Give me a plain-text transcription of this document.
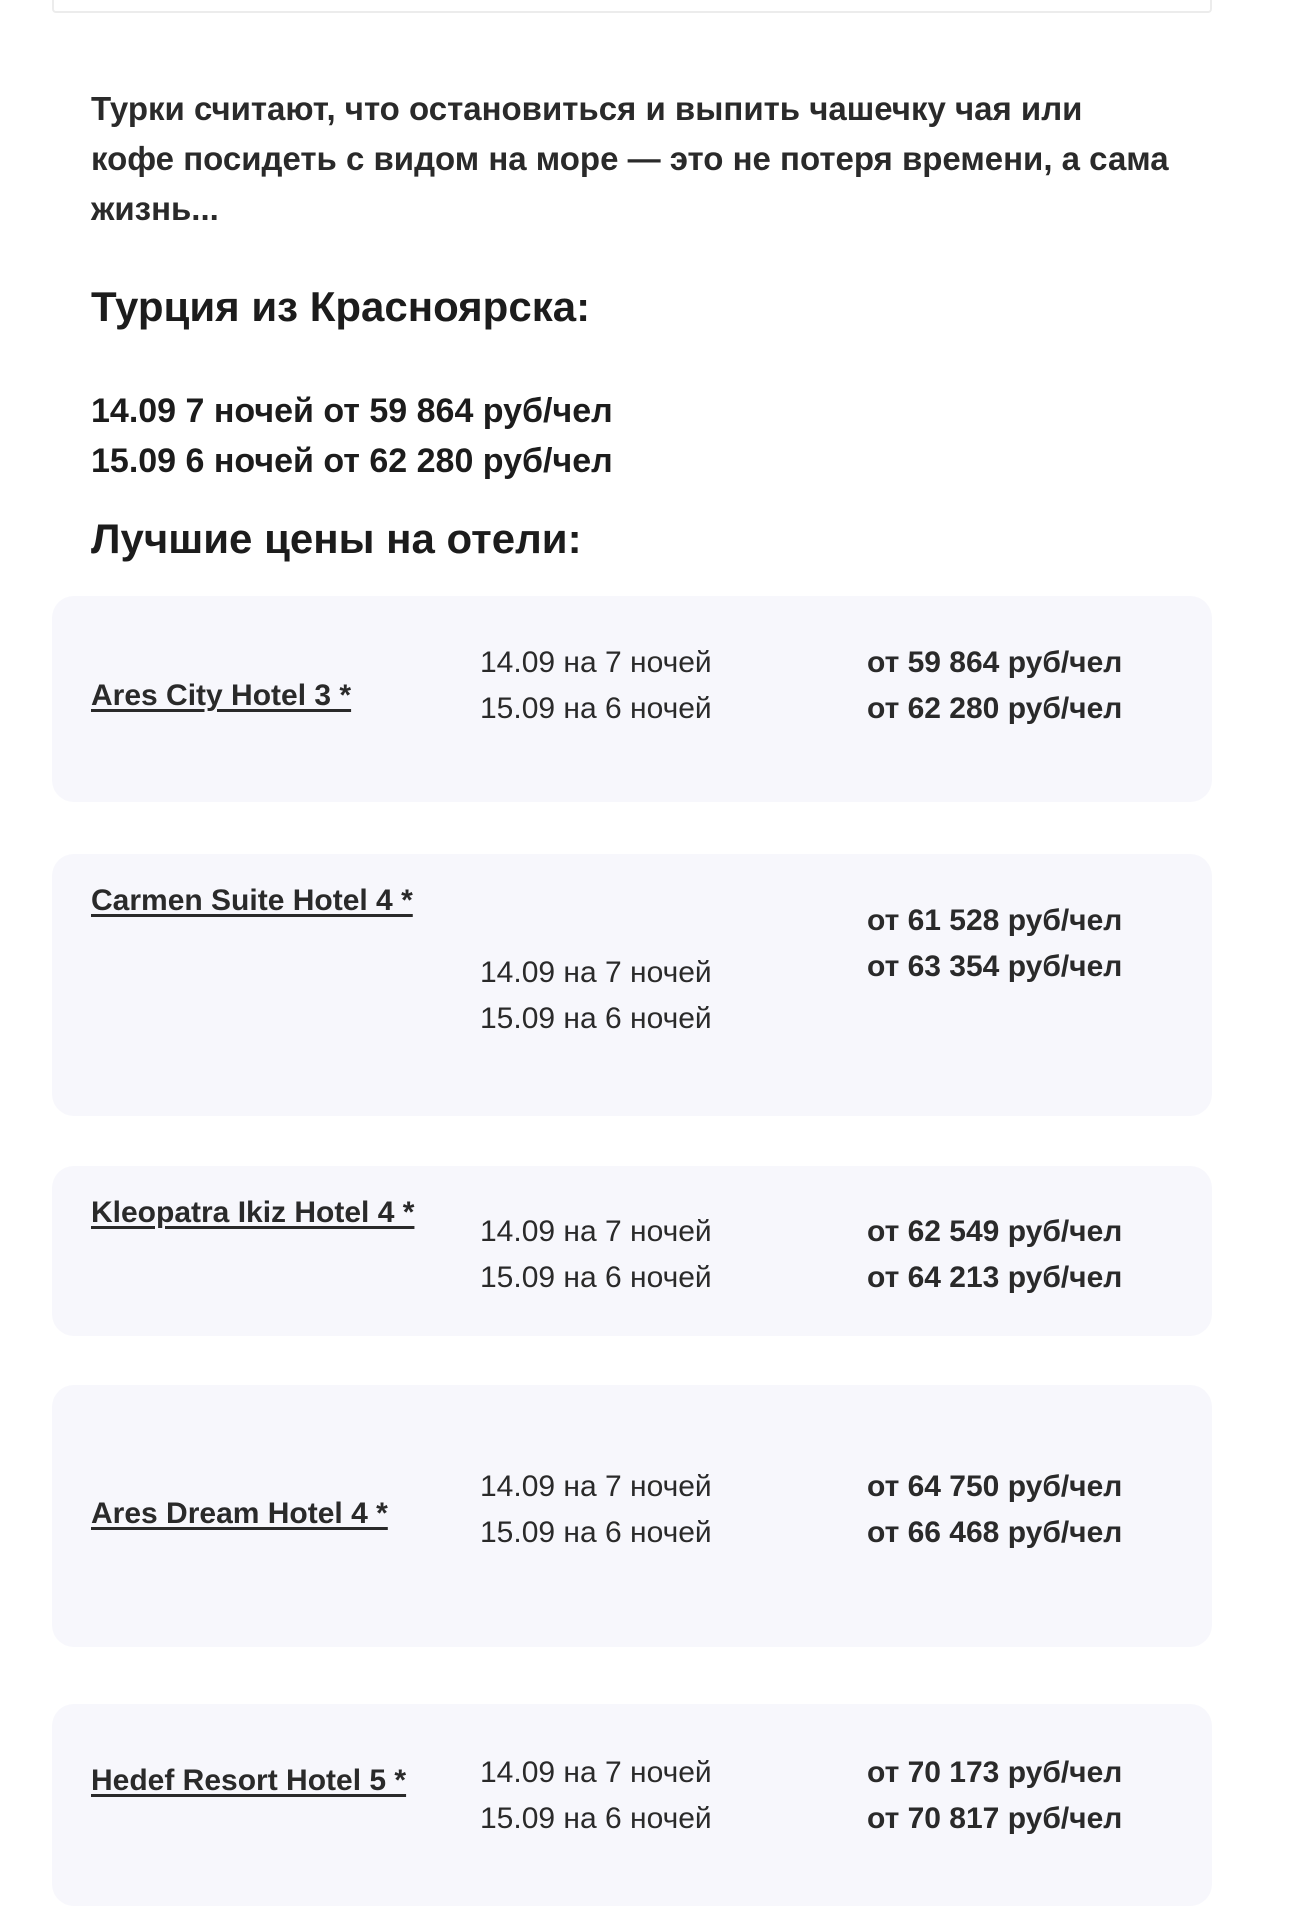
Турки считают, что остановиться и выпить чашечку чая или кофе посидеть с видом на море — это не потеря времени, а сама жизнь...

Турция из Красноярска:
14.09 7 ночей от 59 864 руб/чел
15.09 6 ночей от 62 280 руб/чел
Лучшие цены на отели:
Ares City Hotel 3 *
14.09 на 7 ночей
15.09 на 6 ночей
от 59 864 руб/чел
от 62 280 руб/чел
Carmen Suite Hotel 4 *
14.09 на 7 ночей
15.09 на 6 ночей
от 61 528 руб/чел
от 63 354 руб/чел
Kleopatra Ikiz Hotel 4 *
14.09 на 7 ночей
15.09 на 6 ночей
от 62 549 руб/чел
от 64 213 руб/чел
Ares Dream Hotel 4 *
14.09 на 7 ночей
15.09 на 6 ночей
от 64 750 руб/чел
от 66 468 руб/чел
Hedef Resort Hotel 5 *	14.09 на 7 ночей
15.09 на 6 ночей
от 70 173 руб/чел
от 70 817 руб/чел
